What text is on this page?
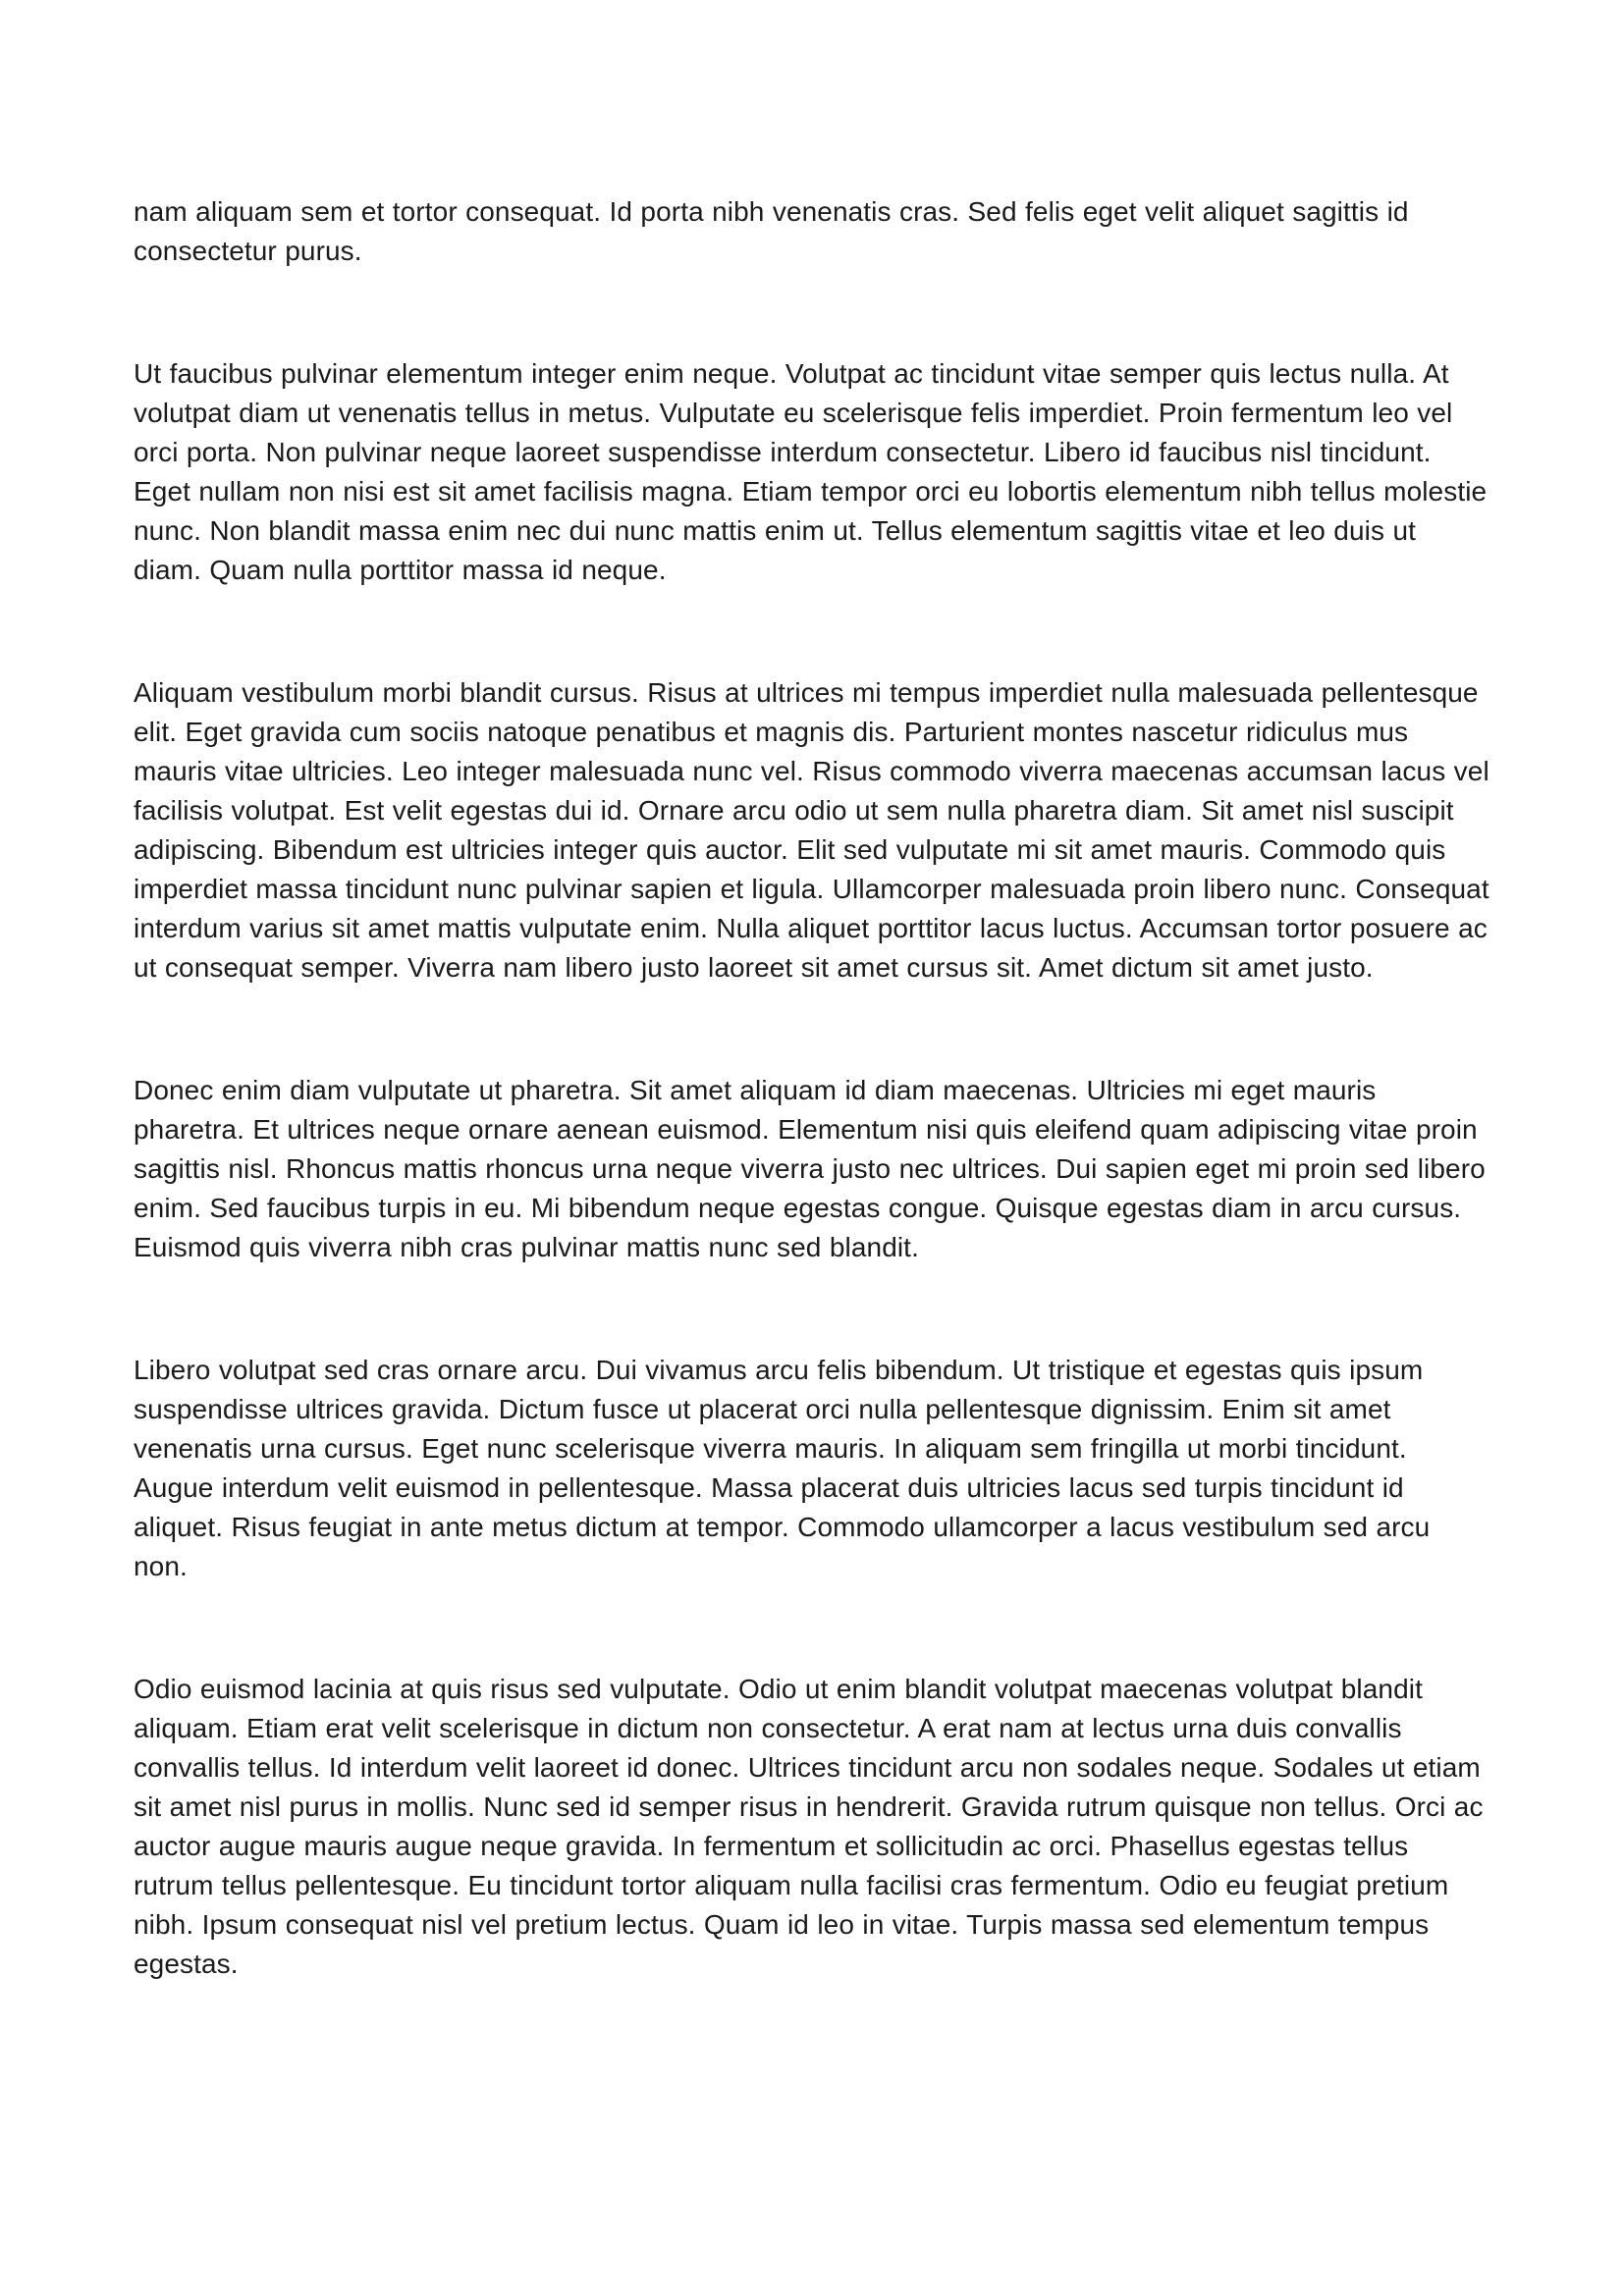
nam aliquam sem et tortor consequat. Id porta nibh venenatis cras. Sed felis eget velit aliquet sagittis id consectetur purus.

Ut faucibus pulvinar elementum integer enim neque. Volutpat ac tincidunt vitae semper quis lectus nulla. At volutpat diam ut venenatis tellus in metus. Vulputate eu scelerisque felis imperdiet. Proin fermentum leo vel orci porta. Non pulvinar neque laoreet suspendisse interdum consectetur. Libero id faucibus nisl tincidunt. Eget nullam non nisi est sit amet facilisis magna. Etiam tempor orci eu lobortis elementum nibh tellus molestie nunc. Non blandit massa enim nec dui nunc mattis enim ut. Tellus elementum sagittis vitae et leo duis ut diam. Quam nulla porttitor massa id neque.

Aliquam vestibulum morbi blandit cursus. Risus at ultrices mi tempus imperdiet nulla malesuada pellentesque elit. Eget gravida cum sociis natoque penatibus et magnis dis. Parturient montes nascetur ridiculus mus mauris vitae ultricies. Leo integer malesuada nunc vel. Risus commodo viverra maecenas accumsan lacus vel facilisis volutpat. Est velit egestas dui id. Ornare arcu odio ut sem nulla pharetra diam. Sit amet nisl suscipit adipiscing. Bibendum est ultricies integer quis auctor. Elit sed vulputate mi sit amet mauris. Commodo quis imperdiet massa tincidunt nunc pulvinar sapien et ligula. Ullamcorper malesuada proin libero nunc. Consequat interdum varius sit amet mattis vulputate enim. Nulla aliquet porttitor lacus luctus. Accumsan tortor posuere ac ut consequat semper. Viverra nam libero justo laoreet sit amet cursus sit. Amet dictum sit amet justo.

Donec enim diam vulputate ut pharetra. Sit amet aliquam id diam maecenas. Ultricies mi eget mauris pharetra. Et ultrices neque ornare aenean euismod. Elementum nisi quis eleifend quam adipiscing vitae proin sagittis nisl. Rhoncus mattis rhoncus urna neque viverra justo nec ultrices. Dui sapien eget mi proin sed libero enim. Sed faucibus turpis in eu. Mi bibendum neque egestas congue. Quisque egestas diam in arcu cursus. Euismod quis viverra nibh cras pulvinar mattis nunc sed blandit.

Libero volutpat sed cras ornare arcu. Dui vivamus arcu felis bibendum. Ut tristique et egestas quis ipsum suspendisse ultrices gravida. Dictum fusce ut placerat orci nulla pellentesque dignissim. Enim sit amet venenatis urna cursus. Eget nunc scelerisque viverra mauris. In aliquam sem fringilla ut morbi tincidunt. Augue interdum velit euismod in pellentesque. Massa placerat duis ultricies lacus sed turpis tincidunt id aliquet. Risus feugiat in ante metus dictum at tempor. Commodo ullamcorper a lacus vestibulum sed arcu non.

Odio euismod lacinia at quis risus sed vulputate. Odio ut enim blandit volutpat maecenas volutpat blandit aliquam. Etiam erat velit scelerisque in dictum non consectetur. A erat nam at lectus urna duis convallis convallis tellus. Id interdum velit laoreet id donec. Ultrices tincidunt arcu non sodales neque. Sodales ut etiam sit amet nisl purus in mollis. Nunc sed id semper risus in hendrerit. Gravida rutrum quisque non tellus. Orci ac auctor augue mauris augue neque gravida. In fermentum et sollicitudin ac orci. Phasellus egestas tellus rutrum tellus pellentesque. Eu tincidunt tortor aliquam nulla facilisi cras fermentum. Odio eu feugiat pretium nibh. Ipsum consequat nisl vel pretium lectus. Quam id leo in vitae. Turpis massa sed elementum tempus egestas.
